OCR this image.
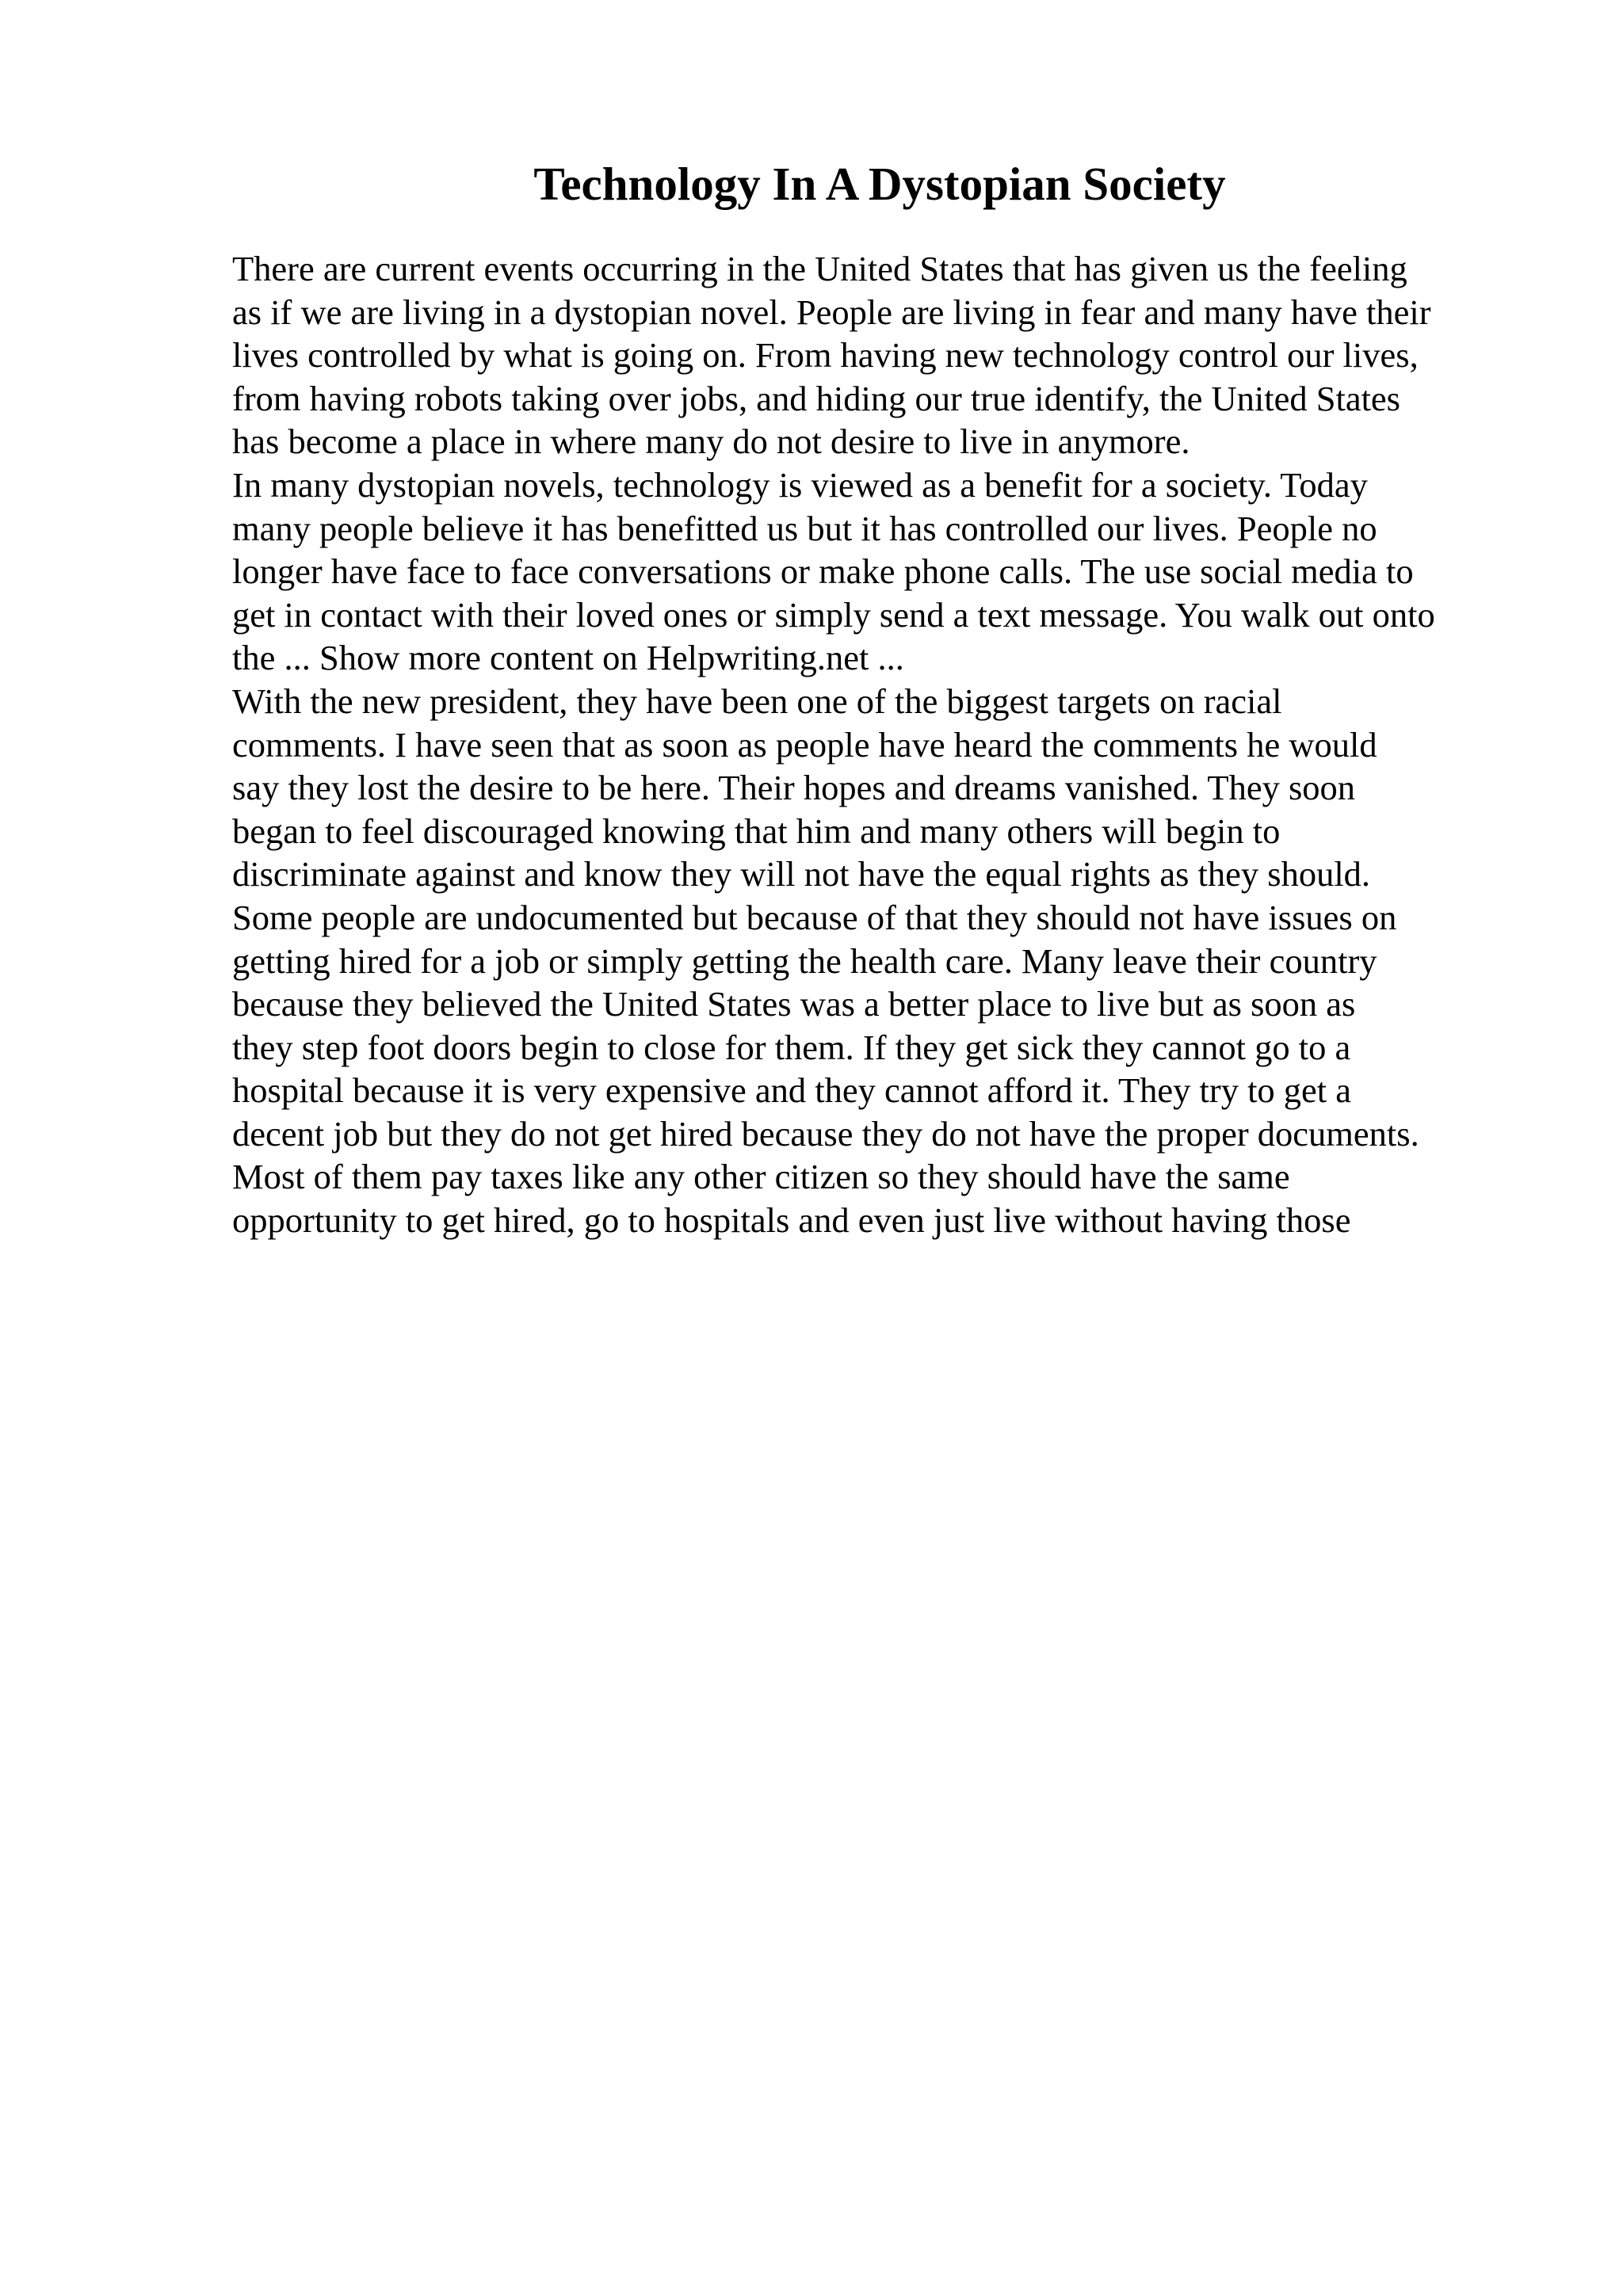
Technology In A Dystopian Society
There are current events occurring in the United States that has given us the feeling
as if we are living in a dystopian novel. People are living in fear and many have their
lives controlled by what is going on. From having new technology control our lives,
from having robots taking over jobs, and hiding our true identify, the United States
has become a place in where many do not desire to live in anymore.
In many dystopian novels, technology is viewed as a benefit for a society. Today
many people believe it has benefitted us but it has controlled our lives. People no
longer have face to face conversations or make phone calls. The use social media to
get in contact with their loved ones or simply send a text message. You walk out onto
the ... Show more content on Helpwriting.net ...
With the new president, they have been one of the biggest targets on racial
comments. I have seen that as soon as people have heard the comments he would
say they lost the desire to be here. Their hopes and dreams vanished. They soon
began to feel discouraged knowing that him and many others will begin to
discriminate against and know they will not have the equal rights as they should.
Some people are undocumented but because of that they should not have issues on
getting hired for a job or simply getting the health care. Many leave their country
because they believed the United States was a better place to live but as soon as
they step foot doors begin to close for them. If they get sick they cannot go to a
hospital because it is very expensive and they cannot afford it. They try to get a
decent job but they do not get hired because they do not have the proper documents.
Most of them pay taxes like any other citizen so they should have the same
opportunity to get hired, go to hospitals and even just live without having those
